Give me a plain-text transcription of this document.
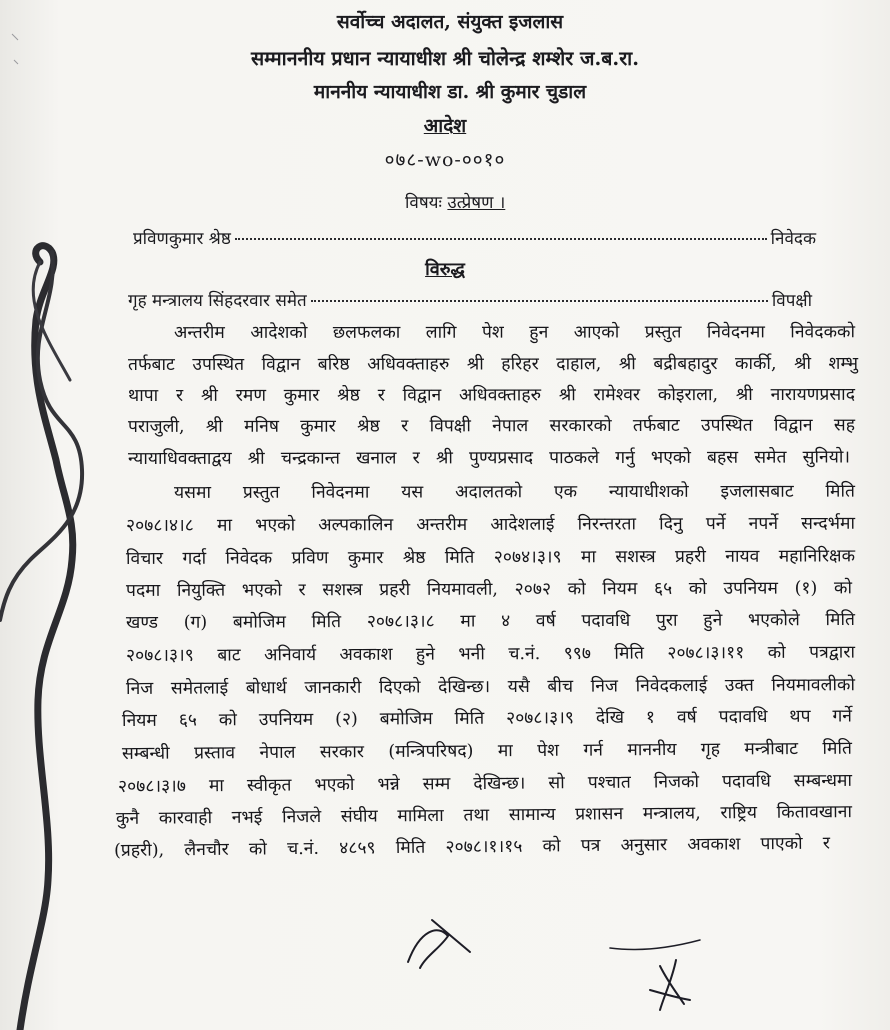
सर्वोच्च अदालत, संयुक्त इजलास
सम्माननीय प्रधान न्यायाधीश श्री चोलेन्द्र शम्शेर ज.ब.रा.
माननीय न्यायाधीश डा. श्री कुमार चुडाल
आदेश
०७८-wo-००१०
विषयः उत्प्रेषण ।
प्रविणकुमार श्रेष्ठ	निवेदक
विरुद्ध
गृह मन्त्रालय सिंहदरवार समेत	विपक्षी
अन्तरीम आदेशको छलफलका लागि पेश हुन आएको प्रस्तुत निवेदनमा निवेदकको
तर्फबाट उपस्थित विद्वान बरिष्ठ अधिवक्ताहरु श्री हरिहर दाहाल, श्री बद्रीबहादुर कार्की, श्री शम्भु
थापा र श्री रमण कुमार श्रेष्ठ र विद्वान अधिवक्ताहरु श्री रामेश्वर कोइराला, श्री नारायणप्रसाद
पराजुली, श्री मनिष कुमार श्रेष्ठ र विपक्षी नेपाल सरकारको तर्फबाट उपस्थित विद्वान सह
न्यायाधिवक्ताद्वय श्री चन्द्रकान्त खनाल र श्री पुण्यप्रसाद पाठकले गर्नु भएको बहस समेत सुनियो।
यसमा प्रस्तुत निवेदनमा यस अदालतको एक न्यायाधीशको इजलासबाट मिति
२०७८।४।८ मा भएको अल्पकालिन अन्तरीम आदेशलाई निरन्तरता दिनु पर्ने नपर्ने सन्दर्भमा
विचार गर्दा निवेदक प्रविण कुमार श्रेष्ठ मिति २०७४।३।९ मा सशस्त्र प्रहरी नायव महानिरिक्षक
पदमा नियुक्ति भएको र सशस्त्र प्रहरी नियमावली, २०७२ को नियम ६५ को उपनियम (१) को
खण्ड (ग) बमोजिम मिति २०७८।३।८ मा ४ वर्ष पदावधि पुरा हुने भएकोले मिति
२०७८।३।९ बाट अनिवार्य अवकाश हुने भनी च.नं. ९९७ मिति २०७८।३।११ को पत्रद्वारा
निज समेतलाई बोधार्थ जानकारी दिएको देखिन्छ। यसै बीच निज निवेदकलाई उक्त नियमावलीको
नियम ६५ को उपनियम (२) बमोजिम मिति २०७८।३।९ देखि १ वर्ष पदावधि थप गर्ने
सम्बन्धी प्रस्ताव नेपाल सरकार (मन्त्रिपरिषद) मा पेश गर्न माननीय गृह मन्त्रीबाट मिति
२०७८।३।७ मा स्वीकृत भएको भन्ने सम्म देखिन्छ। सो पश्चात निजको पदावधि सम्बन्धमा
कुनै कारवाही नभई निजले संघीय मामिला तथा सामान्य प्रशासन मन्त्रालय, राष्ट्रिय कितावखाना
(प्रहरी), लैनचौर को च.नं. ४८५९ मिति २०७८।१।१५ को पत्र अनुसार अवकाश पाएको र
